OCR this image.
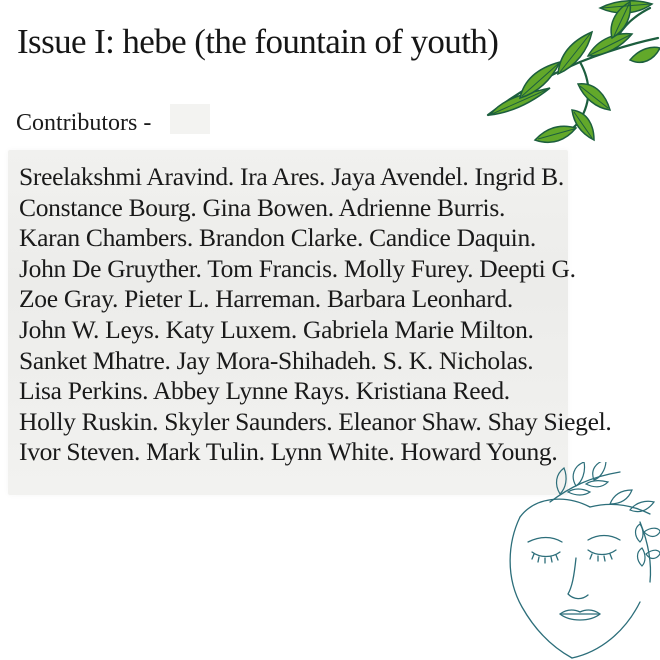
Issue I: hebe (the fountain of youth)
Contributors -
Sreelakshmi Aravind. Ira Ares. Jaya Avendel. Ingrid B.
Constance Bourg. Gina Bowen. Adrienne Burris.
Karan Chambers. Brandon Clarke. Candice Daquin.
John De Gruyther. Tom Francis. Molly Furey. Deepti G.
Zoe Gray. Pieter L. Harreman. Barbara Leonhard.
John W. Leys. Katy Luxem. Gabriela Marie Milton.
Sanket Mhatre. Jay Mora-Shihadeh. S. K. Nicholas.
Lisa Perkins. Abbey Lynne Rays. Kristiana Reed.
Holly Ruskin. Skyler Saunders. Eleanor Shaw. Shay Siegel.
Ivor Steven. Mark Tulin. Lynn White. Howard Young.
